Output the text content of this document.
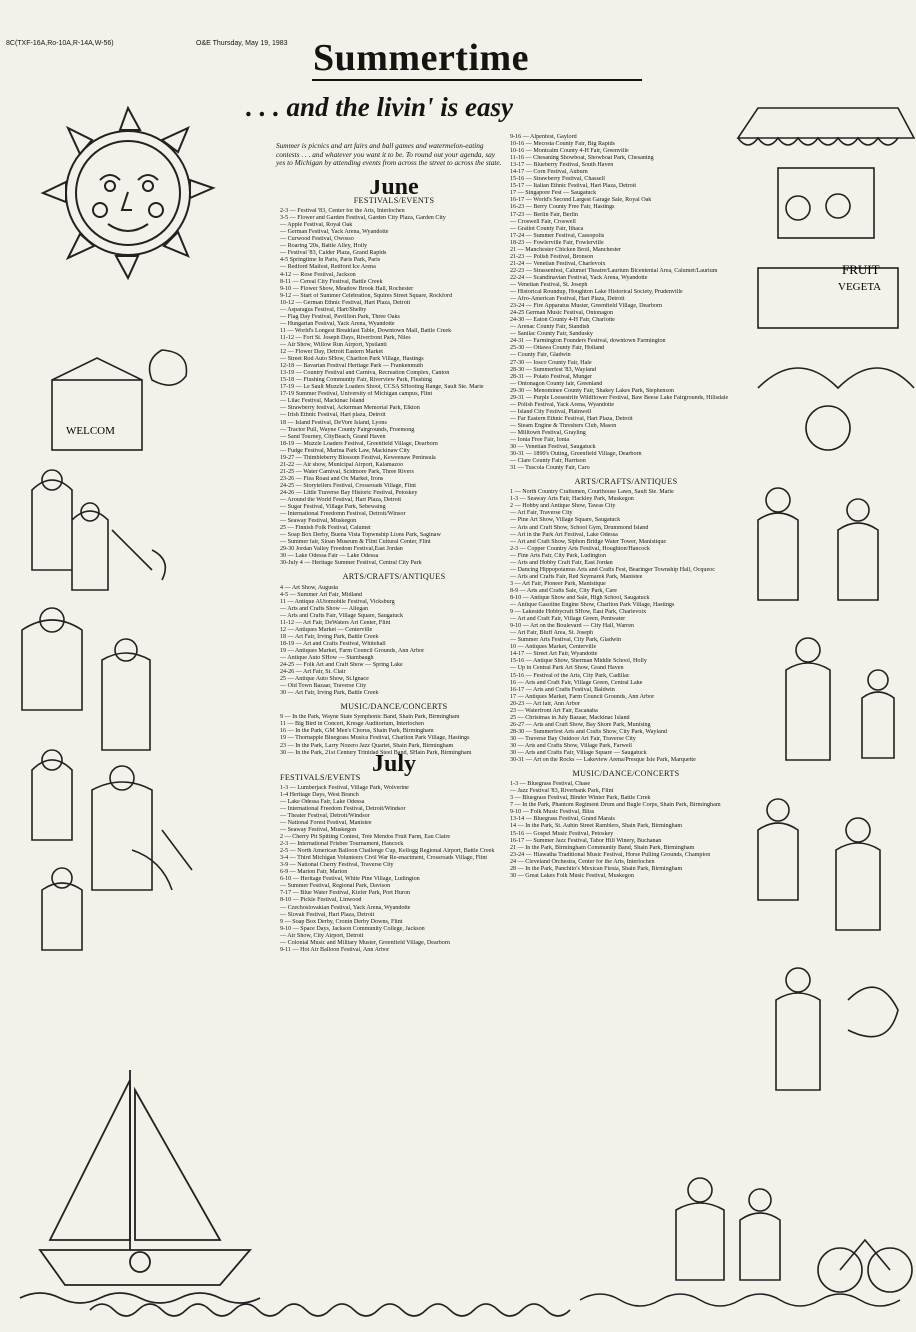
8C(TXF-16A,Ro-10A,R-14A,W-56)	O&E Thursday, May 19, 1983 Summertime
. . . and the livin' is easy
Summer is picnics and art fairs and ball games and watermelon-eating contests . . . and whatever you want it to be. To round out your agenda, say yes to Michigan by attending events from across the street to across the state.
FRUIT
VEGETA
WELCOM
June
FESTIVALS/EVENTS
2-3 — Festival '83, Center for the Arts, Interlochen
3-5 — Flower and Garden Festival, Garden City Plaza, Garden City
— Apple Festival, Royal Oak
— German Festival, Yack Arena, Wyandotte
— Curwood Festival, Owosso
— Roaring '20s, Battle Alley, Holly
— Festival '83, Calder Plaza, Grand Rapids
4-5 Springtime In Paris, Paris Park, Paris
— Redford Maifest, Redford Ice Arena
4-12 — Rose Festival, Jackson
8-11 — Cereal City Festival, Battle Creek
9-10 — Flower Show, Meadow Brook Hall, Rochester
9-12 — Start of Summer Celebration, Squires Street Square, Rockford
10-12 — German Ethnic Festival, Hart Plaza, Detroit
— Asparagus Festival, Hart/Shelby
— Flag Day Festival, Pavillion Park, Three Oaks
— Hungarian Festival, Yack Arena, Wyandotte
11 — World's Longest Breakfast Table, Downtown Mall, Battle Creek
11-12 — Fort St. Joseph Days, Riverfront Park, Niles
— Air Show, Willow Run Airport, Ypsilanti
12 — Flower Day, Detroit Eastern Market
— Street Rod Auto SHow, Charlton Park Village, Hastings
12-18 — Bavarian Festival Heritage Park — Frankenmuth
13-19 — Country Festival and Carniva, Recreation Complex, Canton
15-18 — Flushing Community Fair, Riverview Park, Flushing
17-19 — Le Sault Muzzle Loaders Shoot, CCSA SHooting Range, Sault Ste. Marie
17-19 Summer Festival, University of Michigan campus, Flint
— Lilac Festival, Mackinac Island
— Strawberry festival, Ackerman Memorial Park, Elkton
— Irish Ethnic Festival, Hart plaza, Detroit
18 — Island Festival, DeVore Island, Lyons
— Tractor Pull, Wayne County Fairgrounds, Freemong
— Sand Tourney, CityBeach, Grand Haven
18-19 — Muzzle Loaders Festival, Greenfield Village, Dearborn
— Fudge Festival, Marina Park Law, Mackinaw City
19-27 — Thimbleberry Blossom Festival, Keweenaw Peninsula
21-22 — Air show, Municipal Airport, Kalamazoo
21-25 — Water Carnival, Scidmore Park, Three Rivers
23-26 — Flea Roast and Ox Market, Irons
24-25 — Storytellers Festival, Crossroads Village, Flint
24-26 — Little Traverse Bay Historic Festival, Petoskey
— Around the World Festival, Hart Plaza, Detroit
— Sugar Festival, Village Park, Sebewaing
— International Freedomn Festival, Detroit/Winsor
— Seaway Festival, Muskegon
25 — Finnish Folk Festival, Calumet
— Soap Box Derby, Buena Vista Topwnship Lions Park, Saginaw
— Summer fair, Sloan Museum & Flint Cultural Center, Flint
29-30 Jordan Valley Freedom Festival,East Jordan
30 — Lake Odessa Fair — Lake Odessa
30-July 4 — Heritage Summer Festival, Central City Park
ARTS/CRAFTS/ANTIQUES
4 — Art Show, Augusta
4-5 — Summer Art Fair, Midland
11 — Antique AUtomobile Festival, Vicksburg
— Arts and Crafts Show — Allegan
— Arts and Crafts Fair, Village Square, Saugatuck
11-12 — Art Fair, DeWaters Art Center, Flint
12 — Antiques Market — Centerville
18 — Art Fair, Irving Park, Battle Creek
18-19 — Art and Crafts Festival, Whitehall
19 — Antiques Market, Farm Council Grounds, Ann Arbor
— Antique Auto SHow — Stambaugh
24-25 — Folk Art and Craft Show — Spring Lake
24-26 — Art Fair, St. Clair
25 — Antique Auto Show, St.Ignace
— Old Town Bazaar, Traverse City
30 — Art Fair, Irving Park, Battle Creek
MUSIC/DANCE/CONCERTS
9 — In the Park, Wayne State Symphonic Band, Shain Park, Birmingham
11 — Big Bird in Concert, Kresge Auditorium, Interlochen
16 — In the Park, GM Men's Chorus, Shain Park, Birmingham
19 — Thornapple Bluegrass Musica Festival, Charlton Park Village, Hastings
23 — In the Park, Larry Nozero Jazz Quartet, Shain Park, Birmingham
30 — In the Park, 21st Century Trinidad Steel Band, SHain Park, Birmingham
July
FESTIVALS/EVENTS
1-3 — Lumberjack Festival, Village Park, Wolverine
1-4 Heritage Days, West Branch
— Lake Odessa Fair, Lake Odessa
— International Freedom Festival, Detroit/Windsor
— Theater Festival, Detroit/Windsor
— National Forest Festival, Manistee
— Seaway Festival, Muskegon
2 — Cherry Pit Spitting Contest, Tree Mendos Fruit Farm, Eau Claire
2-3 — International Frisbee Tournament, Hancock
2-5 — North American Balloon Challenge Cup, Kellogg Regional Airport, Battle Creek
3-4 — Third Michigan Volunteers Civil War Re-enactment, Crossroads Village, Flint
3-9 — National Cherry Festival, Traverse City
6-9 — Marion Fair, Marion
6-10 — Heritage Festival, White Pine Village, Ludington
— Summer Festival, Regional Park, Davison
7-17 — Blue Water Festival, Kiefer Park, Port Huron
8-10 — Pickle Festival, Linwood
— Czechoslovakian Festival, Yack Arena, Wyandotte
— Slovak Festival, Hart Plaza, Detroit
9 — Soap Box Derby, Cronin Derby Downs, Flint
9-10 — Space Days, Jackson Community College, Jackson
— Air Show, City Airport, Detroit
— Colonial Music and Military Muster, Greenfield Village, Dearborn
9-11 — Hot Air Balloon Festival, Ann Arbor
9-16 — Alpenfest, Gaylord
10-16 — Mecosta County Fair, Big Rapids
10-16 — Montcalm County 4-H Fair, Greenville
11-16 — Chesaning Showboat, Showboat Park, Chesaning
13-17 — Blueberry Festival, South Haven
14-17 — Corn Festival, Auburn
15-16 — Strawberry Festival, Chassell
15-17 — Italian Ethnic Festival, Hart Plaza, Detroit
17 — Singapore Fest — Saugatuck
16-17 — World's Second Largest Garage Sale, Royal Oak
16-23 — Berry County Free Fair, Hastings
17-23 — Berlin Fair, Berlin
— Croswell Fair, Croswell
— Gratiot County Fair, Ithaca
17-24 — Summer Festival, Cassopolis
18-23 — Fowlerville Fair, Fowlerville
21 — Manchester Chicken Broil, Manchester
21-23 — Polish Festival, Bronson
21-24 — Venetian Festival, Charlevoix
22-23 — Strassenfest, Calumet Theatre/Laurium Bicentenial Area, Calumet/Laurium
22-24 — Scandinavian Festival, Yack Arena, Wyandotte
— Venetian Festival, St. Joseph
— Historical Roundup, Houghton Lake Historical Society, Prudenville
— Afro-American Festival, Hart Plaza, Detroit
23-24 — Fire Apparatus Muster, Greenfield Village, Dearborn
24-25 German Music Festival, Ontonagon
24-30 — Eaton County 4-H Fair, Charlotte
— Arenac County Fair, Standish
— Sanilac County Fair, Sandusky
24-31 — Farmington Founders Festival, downtown Farmington
25-30 — Ottawa County Fair, Holland
— County Fair, Gladwin
27-30 — Iosco County Fair, Hale
28-30 — Summerfest '83, Wayland
28-31 — Potato Festival, Munger
— Ontonagon County fair, Greenland
29-30 — Menominee County Fair, Shakey Lakes Park, Stephenson
29-31 — Purple Loosestrife Wildflower Festival, Baw Beese Lake Fairgrounds, Hillsdale
— Polish Festival, Yack Arena, Wyandotte
— Island City Festival, Plainwell
— Far Eastern Ethnic Festival, Hart Plaza, Detroit
— Steam Engine & Threshers Club, Mason
— Milltown Festival, Grayling
— Ionia Free Fair, Ionia
30 — Venetian Festival, Saugatuck
30-31 — 1890's Outing, Greenfield Village, Dearborn
— Clare County Fair, Harrison
31 — Tuscola County Fair, Caro
ARTS/CRAFTS/ANTIQUES
1 — North Country Craftsmen, Courthouse Lawn, Sault Ste. Marie
1-3 — Seaway Arts Fair, Hackley Park, Muskegon
2 — Hobby and Antique Show, Tawas City
— Art Fair, Traverse City
— Pine Art Show, Village Square, Saugatuck
— Arts and Craft Show, School Gym, Drummond Island
— Art in the Park Art Festival, Lake Odessa
— Art and Craft Show, Siphon Bridge Water Tower, Manistique
2-3 — Copper Country Arts Festival, Houghton/Hancock
— Fine Arts Fair, City Park, Ludington
— Arts and Hobby Craft Fair, East Jordan
— Dancing Hippopotamus Arts and Crafts Fest, Bearinger Township Hall, Ocqueoc
— Arts and Crafts Fair, Red Szymarek Park, Manistee
3 — Art Fair, Pioneer Park, Manistique
8-9 — Arts and Crafts Sale, City Park, Care
8-10 — Antique Show and Sale, High School, Saugatuck
— Antique Gasoline Engine Show, Charlton Park Village, Hastings
9 — Lakeside Hobbycraft SHow, East Park, Charlevoix
— Art and Craft Fair, Village Green, Pentwater
9-10 — Art on the Boulevard — City Hall, Warren
— Art Fair, Bluff Area, St. Joseph
— Summer Arts Festival, City Park, Gladwin
10 — Antiques Market, Centerville
14-17 — Street Art Fair, Wyandotte
15-16 — Antique Show, Sherman Middle School, Holly
— Up in Central Park Art Show, Grand Haven
15-16 — Festival of the Arts, City Park, Cadillac
16 — Arts and Craft Fair, Village Green, Central Lake
16-17 — Arts and Crafts Festival, Baldwin
17 — Antiques Market, Farm Council Grounds, Ann Arbor
20-23 — Art fair, Ann Arbor
23 — Waterfront Art Fair, Escanaba
25 — Christmas in July Bazaar, Mackinac Island
26-27 — Arts and Craft Show, Bay Shore Park, Munising
28-30 — Summerfest Arts and Crafts Show, City Park, Wayland
30 — Traverse Bay Outdoor Art Fair, Traverse City
30 — Arts and Crafts Show, Village Park, Farwell
30 — Arts and Crafts Fair, Village Square — Saugatuck
30-31 — Art on the Rocks — Lakeview Arena/Presque Isle Park, Marquette
MUSIC/DANCE/CONCERTS
1-3 — Bluegrass Festival, Chase
— Jazz Festival '83, Riverbank Park, Flint
3 — Bluegrass Festival, Binder Winter Park, Battle Crrek
7 — In the Park, Phantom Regiment Drum and Bugle Corps, Shain Park, Birmingham
9-10 — Folk Music Festival, Bliss
13-14 — Bluegrass Festival, Grand Marais
14 — In the Park, St. Aubin Street Ramblers, Shain Park, Birmingham
15-16 — Gospel Music Festival, Petoskey
16-17 — Summer Jazz Festival, Tabor Hill Winery, Buchanan
21 — In the Park, Birmingham Community Band, Shain Park, Birmingham
23-24 — Hiawatha Traditional Music Festival, Horse Pulling Grounds, Champion
24 — Cleveland Orchestra, Center for the Arts, Interlochen
28 — In the Park, Panchito's Mexican Fiesta, Shain Park, Birmingham
30 — Great Lakes Folk Music Festival, Muskegon
